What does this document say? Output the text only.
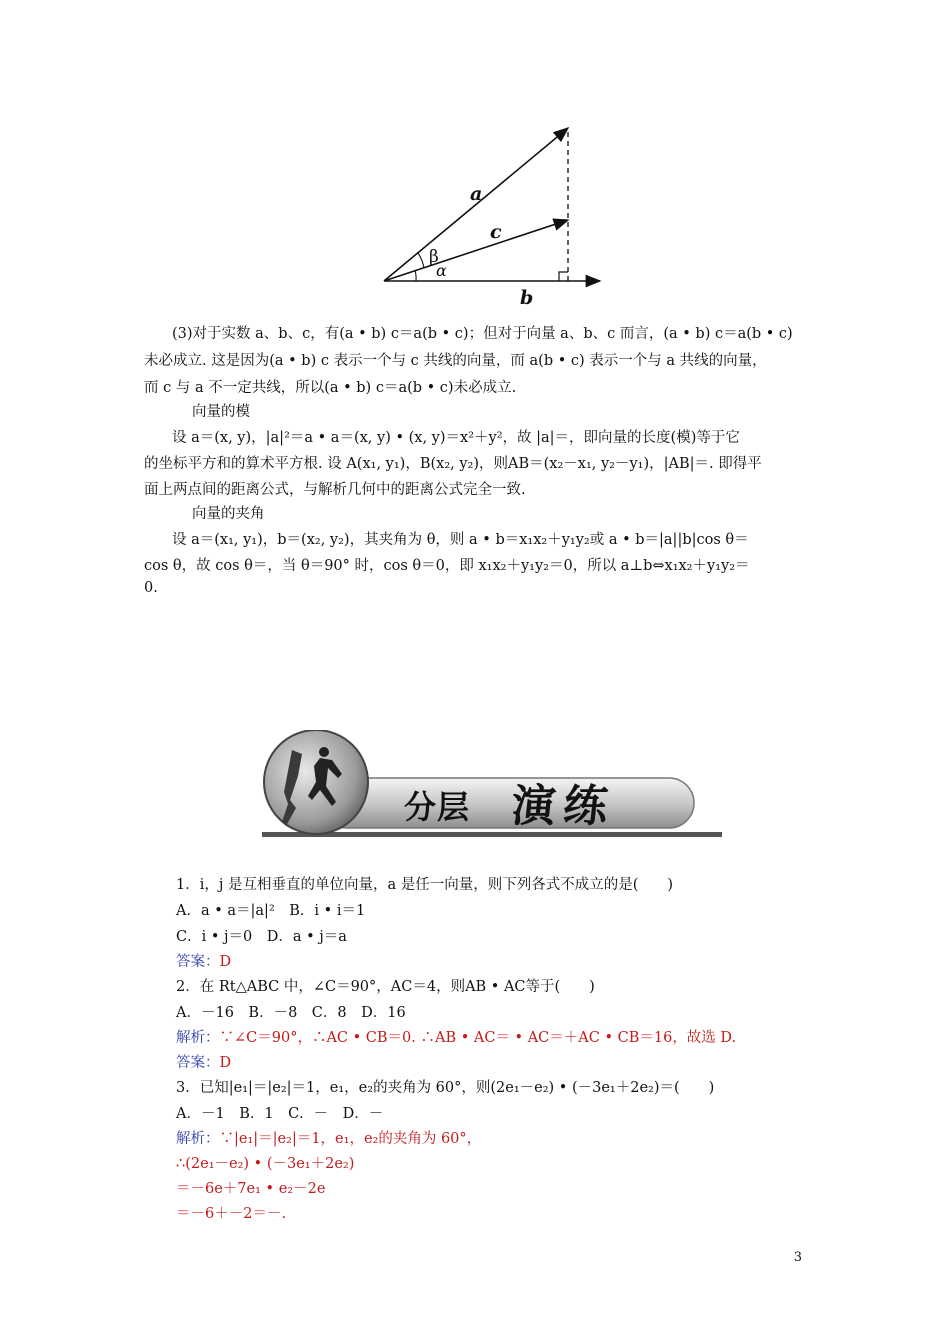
a
c
b
β
α
(3)对于实数 a、b、c，有(a • b) c＝a(b • c)；但对于向量 a、b、c 而言，(a • b) c＝a(b • c)
未必成立. 这是因为(a • b) c 表示一个与 c 共线的向量，而 a(b • c) 表示一个与 a 共线的向量，
而 c 与 a 不一定共线，所以(a • b) c＝a(b • c)未必成立.
向量的模
设 a＝(x, y)，|a|²＝a • a＝(x, y) • (x, y)＝x²＋y²，故 |a|＝，即向量的长度(模)等于它
的坐标平方和的算术平方根. 设 A(x₁, y₁)，B(x₂, y₂)，则AB＝(x₂－x₁, y₂－y₁)，|AB|＝. 即得平
面上两点间的距离公式，与解析几何中的距离公式完全一致.
向量的夹角
设 a＝(x₁, y₁)，b＝(x₂, y₂)，其夹角为 θ，则 a • b＝x₁x₂＋y₁y₂或 a • b＝|a||b|cos θ＝
cos θ，故 cos θ＝，当 θ＝90° 时，cos θ＝0，即 x₁x₂＋y₁y₂＝0，所以 a⊥b⇔x₁x₂＋y₁y₂＝
0.
分层 演练
1．i，j 是互相垂直的单位向量，a 是任一向量，则下列各式不成立的是(　　)
A．a • a＝|a|²　B．i • i＝1
C．i • j＝0　D．a • j＝a
答案：D
2．在 Rt△ABC 中，∠C＝90°，AC＝4，则AB • AC等于(　　)
A．－16　B．－8　C．8　D．16
解析：∵∠C＝90°，∴AC • CB＝0. ∴AB • AC＝ • AC＝＋AC • CB＝16，故选 D.
答案：D
3．已知|e₁|＝|e₂|＝1，e₁，e₂的夹角为 60°，则(2e₁－e₂) • (－3e₁＋2e₂)＝(　　)
A．－1　B．1　C．－　D．－
解析：∵|e₁|＝|e₂|＝1，e₁，e₂的夹角为 60°，
∴(2e₁－e₂) • (－3e₁＋2e₂)
＝－6e＋7e₁ • e₂－2e
＝－6＋－2＝－.
3
